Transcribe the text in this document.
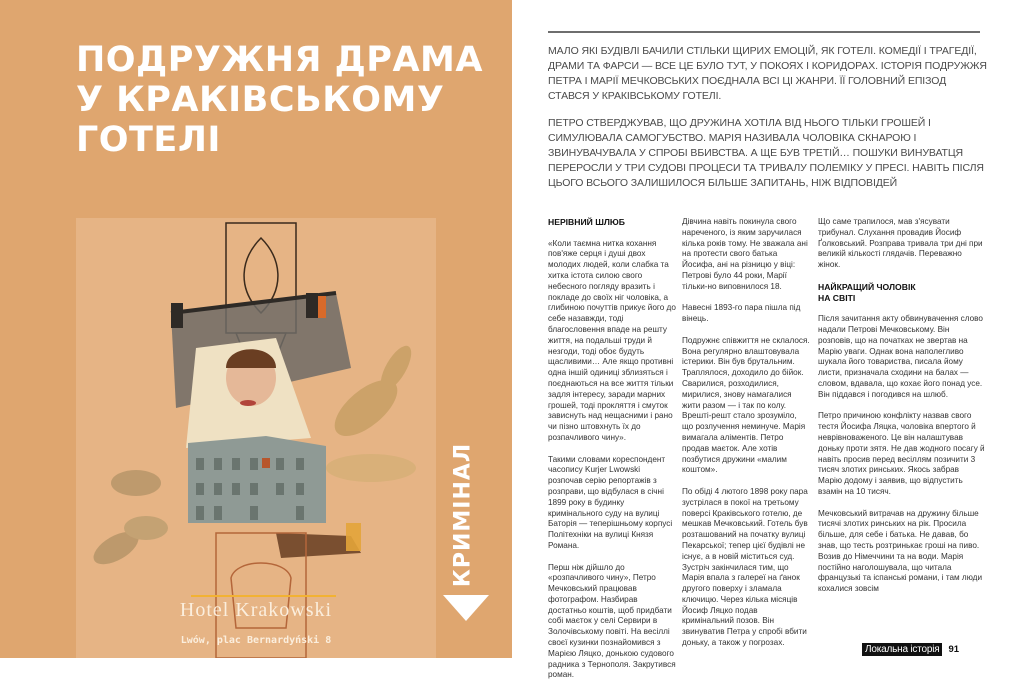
ПОДРУЖНЯ ДРАМА
У КРАКІВСЬКОМУ
ГОТЕЛІ
Hotel Krakowski
Lwów, plac Bernardyński 8
КРИМІНАЛ

МАЛО ЯКІ БУДІВЛІ БАЧИЛИ СТІЛЬКИ ЩИРИХ ЕМОЦІЙ, ЯК ГОТЕЛІ. КОМЕДІЇ І ТРАГЕДІЇ, ДРАМИ ТА ФАРСИ — ВСЕ ЦЕ БУЛО ТУТ, У ПОКОЯХ І КОРИДОРАХ. ІСТОРІЯ ПОДРУЖЖЯ ПЕТРА І МАРІЇ МЕЧКОВСЬКИХ ПОЄДНАЛА ВСІ ЦІ ЖАНРИ. ЇЇ ГОЛОВНИЙ ЕПІЗОД СТАВСЯ У КРАКІВСЬКОМУ ГОТЕЛІ.

ПЕТРО СТВЕРДЖУВАВ, ЩО ДРУЖИНА ХОТІЛА ВІД НЬОГО ТІЛЬКИ ГРОШЕЙ І СИМУЛЮВАЛА САМОГУБСТВО. МАРІЯ НАЗИВАЛА ЧОЛОВІКА СКНАРОЮ І ЗВИНУВАЧУВАЛА У СПРОБІ ВБИВСТВА. А ЩЕ БУВ ТРЕТІЙ… ПОШУКИ ВИНУВАТЦЯ ПЕРЕРОСЛИ У ТРИ СУДОВІ ПРОЦЕСИ ТА ТРИВАЛУ ПОЛЕМІКУ У ПРЕСІ. НАВІТЬ ПІСЛЯ ЦЬОГО ВСЬОГО ЗАЛИШИЛОСЯ БІЛЬШЕ ЗАПИТАНЬ, НІЖ ВІДПОВІДЕЙ

НЕРІВНИЙ ШЛЮБ

«Коли таємна нитка кохання пов'яже серця і душі двох молодих людей, коли слабка та хитка істота силою свого небесного погляду вразить і покладе до своїх ніг чоловіка, а глибиною почуттів прикує його до себе назавжди, тоді благословення впаде на решту життя, на подальші труди й незгоди, тоді обоє будуть щасливими… Але якщо противні одна іншій одиниці зблизяться і поєднаються на все життя тільки задля інтересу, заради марних грошей, тоді прокляття і смуток зависнуть над нещасними і рано чи пізно штовхнуть їх до розпачливого чину».

Такими словами кореспондент часопису Kurjer Lwowski розпочав серію репортажів з розправи, що відбулася в січні 1899 року в будинку кримінального суду на вулиці Баторія — теперішньому корпусі Політехніки на вулиці Князя Романа.

Перш ніж дійшло до «розпачливого чину», Петро Мечковський працював фотографом. Назбирав достатньо коштів, щоб придбати собі маєток у селі Сервири в Золочівському повіті. На весіллі своєї кузинки познайомився з Марією Ляцко, донькою судового радника з Тернополя. Закрутився роман.

Дівчина навіть покинула свого нареченого, із яким заручилася кілька років тому. Не зважала ані на протести свого батька Йосифа, ані на різницю у віці: Петрові було 44 роки, Марії тільки-но виповнилося 18.

Навесні 1893-го пара пішла під вінець.

Подружнє співжиття не склалося. Вона регулярно влаштовувала істерики. Він був брутальним. Траплялося, доходило до бійок. Сварилися, розходилися, мирилися, знову намагалися жити разом — і так по колу. Врешті-решт стало зрозуміло, що розлучення неминуче. Марія вимагала аліментів. Петро продав маєток. Але хотів позбутися дружини «малим коштом».

По обіді 4 лютого 1898 року пара зустрілася в покої на третьому поверсі Краківського готелю, де мешкав Мечковський. Готель був розташований на початку вулиці Пекарської; тепер цієї будівлі не існує, а в новій міститься суд. Зустріч закінчилася тим, що Марія впала з галереї на ґанок другого поверху і зламала ключицю. Через кілька місяців Йосиф Ляцко подав кримінальний позов. Він звинуватив Петра у спробі вбити доньку, а також у погрозах.

Що саме трапилося, мав з'ясувати трибунал. Слухання провадив Йосиф Ґолковський. Розправа тривала три дні при великій кількості глядачів. Переважно жінок.

НАЙКРАЩИЙ ЧОЛОВІК НА СВІТІ

Після зачитання акту обвинувачення слово надали Петрові Мечковському. Він розповів, що на початках не звертав на Марію уваги. Однак вона наполегливо шукала його товариства, писала йому листи, призначала сходини на балах — словом, вдавала, що кохає його понад усе. Він піддався і погодився на шлюб.

Петро причиною конфлікту назвав свого тестя Йосифа Ляцка, чоловіка впертого й неврівноваженого. Це він налаштував доньку проти зятя. Не дав жодного посагу й навіть просив перед весіллям позичити 3 тисяч злотих ринських. Якось забрав Марію додому і заявив, що відпустить взамін на 10 тисяч.

Мечковський витрачав на дружину більше тисячі злотих ринських на рік. Просила більше, для себе і батька. Не давав, бо знав, що тесть розтринькає гроші на пиво. Возив до Німеччини та на води. Марія постійно наголошувала, що читала французькі та іспанські романи, і там люди кохалися зовсім

Локальна історія 91
